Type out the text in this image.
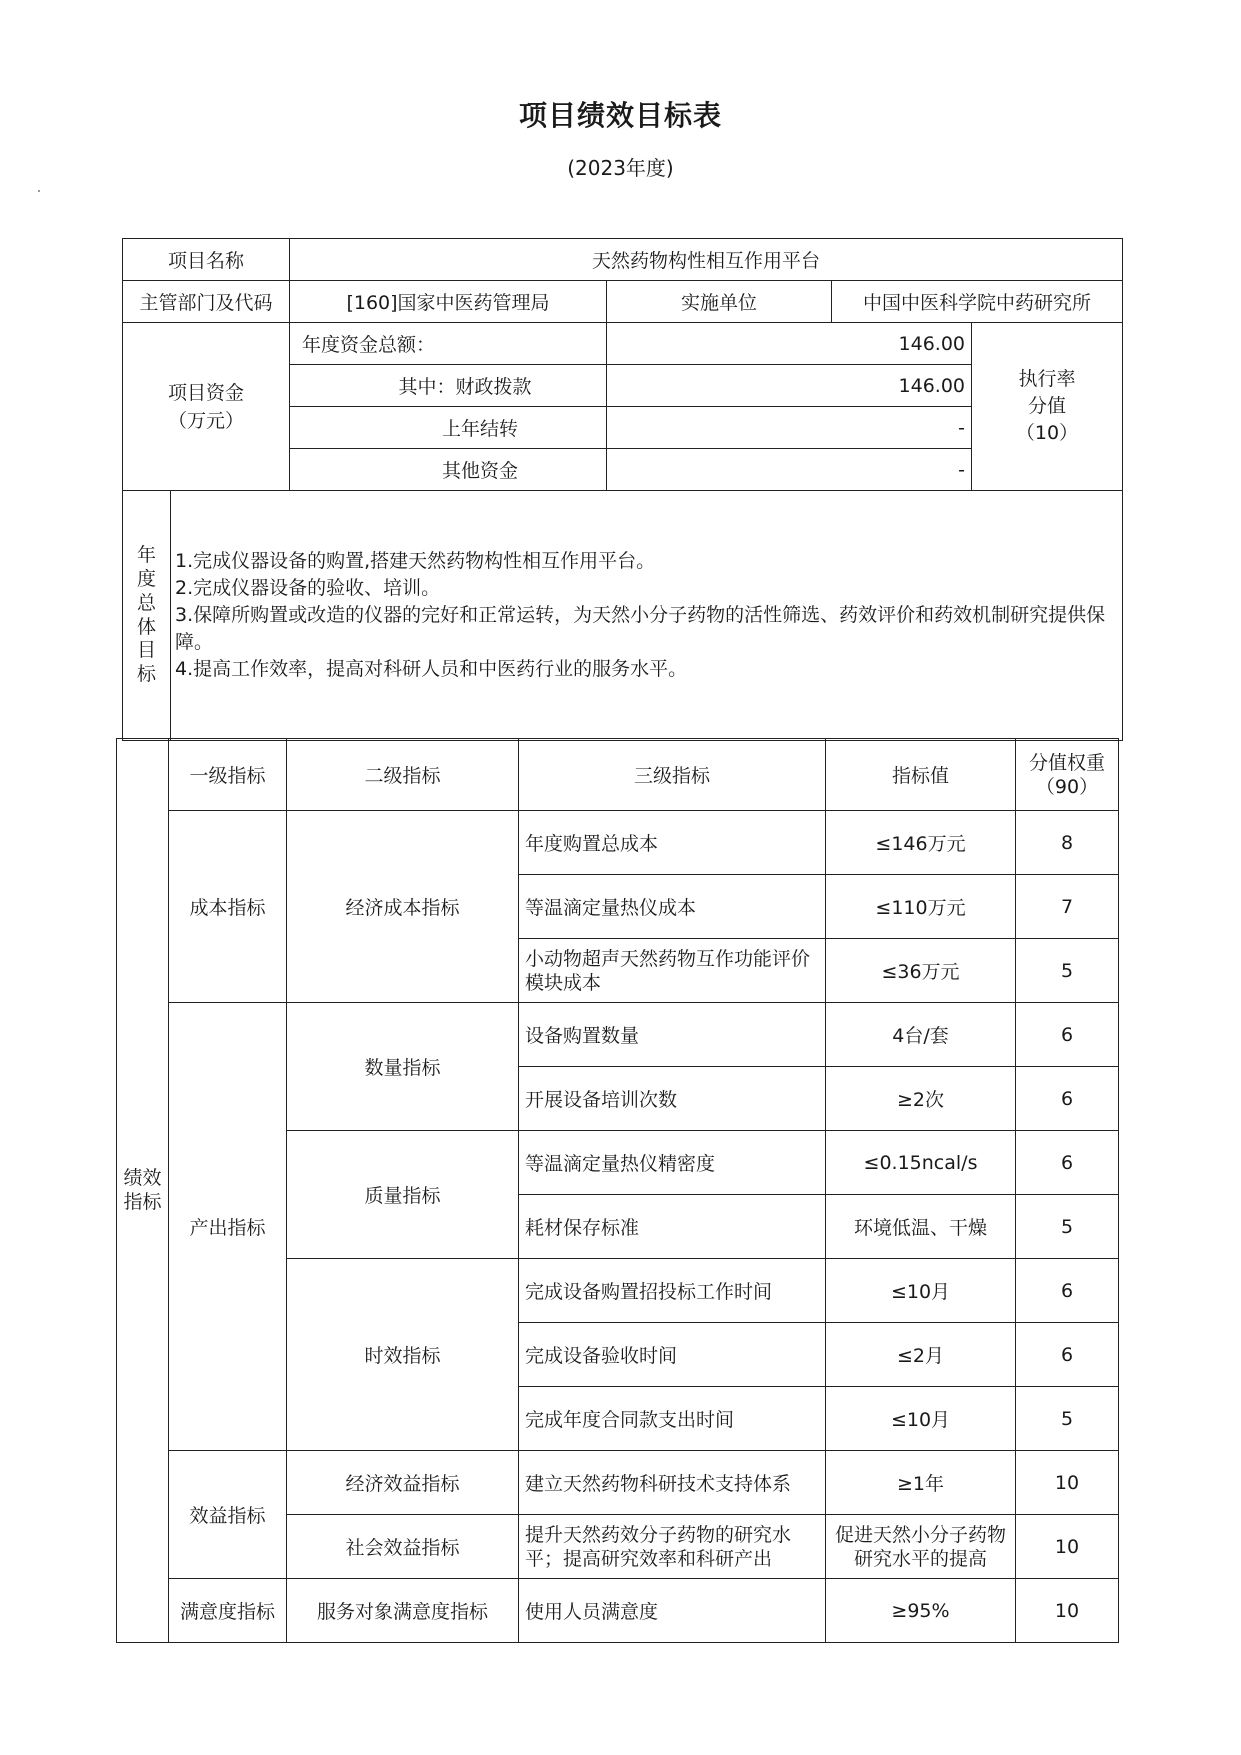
项目绩效目标表
(2023年度)
项目名称		天然药物构性相互作用平台			
主管部门及代码		[160]国家中医药管理局	实施单位	中国中医科学院中药研究所	

项目资金（万元）		年度资金总额：	146.00		执行率分值（10）

		其中：财政拨款	146.00		
		上年结转	-		
		其他资金	-		
年度总体目标	1.完成仪器设备的购置,搭建天然药物构性相互作用平台。
2.完成仪器设备的验收、培训。
3.保障所购置或改造的仪器的完好和正常运转，为天然小分子药物的活性筛选、药效评价和药效机制研究提供保障。
4.提高工作效率，提高对科研人员和中医药行业的服务水平。				
绩效指标	一级指标	二级指标	三级指标	指标值	分值权重（90）

	成本指标	经济成本指标	年度购置总成本	≤146万元	8
			等温滴定量热仪成本	≤110万元	7
			小动物超声天然药物互作功能评价模块成本	≤36万元	5
	产出指标	数量指标	设备购置数量	4台/套	6
			开展设备培训次数	≥2次	6
		质量指标	等温滴定量热仪精密度	≤0.15ncal/s	6
			耗材保存标准	环境低温、干燥	5
		时效指标	完成设备购置招投标工作时间	≤10月	6
			完成设备验收时间	≤2月	6
			完成年度合同款支出时间	≤10月	5
	效益指标	经济效益指标	建立天然药物科研技术支持体系	≥1年	10
		社会效益指标	提升天然药效分子药物的研究水平；提高研究效率和科研产出	促进天然小分子药物研究水平的提高	10
	满意度指标	服务对象满意度指标	使用人员满意度	≥95%	10
